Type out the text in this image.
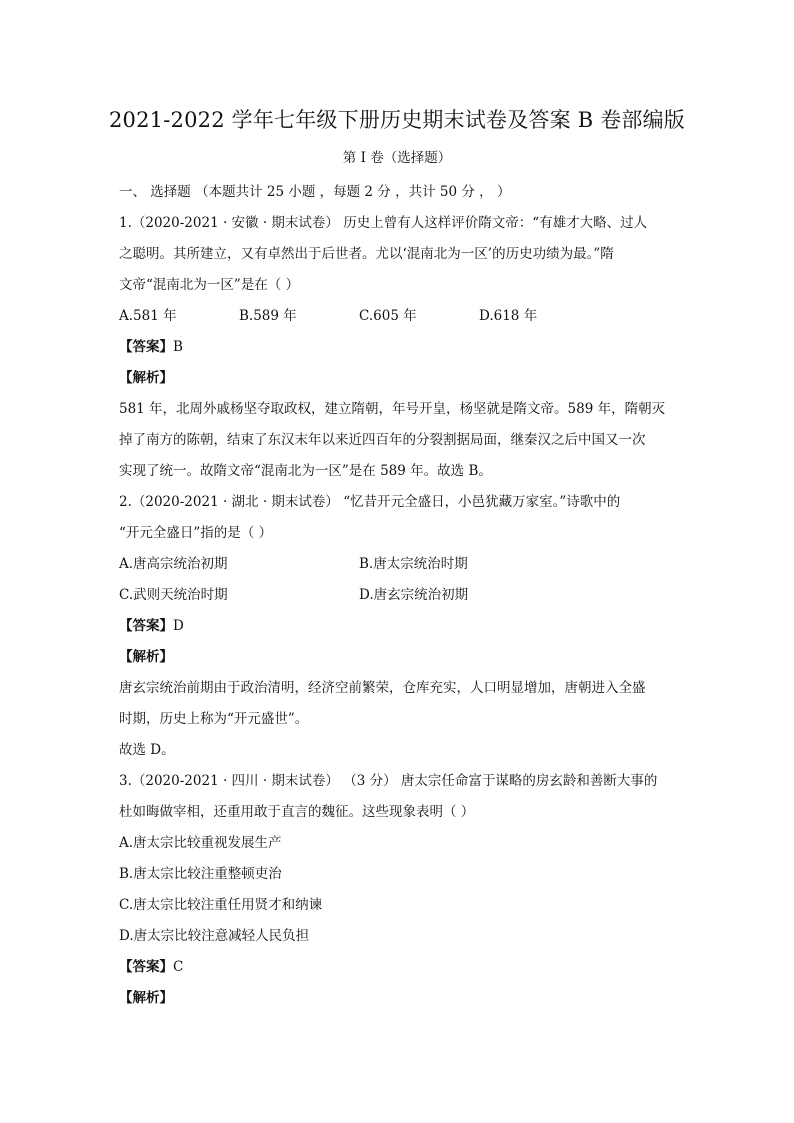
2021-2022 学年七年级下册历史期末试卷及答案 B 卷部编版
第 I 卷（选择题）
一、 选择题 （本题共计 25 小题 ，每题 2 分 ，共计 50 分 ， ）
1.（2020-2021 · 安徽 · 期末试卷） 历史上曾有人这样评价隋文帝：“有雄才大略、过人
之聪明。其所建立，又有卓然出于后世者。尤以‘混南北为一区’的历史功绩为最。”隋
文帝“混南北为一区”是在（ ）
A.581 年	B.589 年	C.605 年	D.618 年
【答案】B
【解析】
581 年，北周外戚杨坚夺取政权，建立隋朝，年号开皇，杨坚就是隋文帝。589 年，隋朝灭
掉了南方的陈朝，结束了东汉末年以来近四百年的分裂割据局面，继秦汉之后中国又一次
实现了统一。故隋文帝“混南北为一区”是在 589 年。故选 B。
2.（2020-2021 · 湖北 · 期末试卷） “忆昔开元全盛日，小邑犹藏万家室。”诗歌中的
“开元全盛日”指的是（ ）
A.唐高宗统治初期	B.唐太宗统治时期
C.武则天统治时期	D.唐玄宗统治初期
【答案】D
【解析】
唐玄宗统治前期由于政治清明，经济空前繁荣，仓库充实，人口明显增加，唐朝进入全盛
时期，历史上称为“开元盛世”。
故选 D。
3.（2020-2021 · 四川 · 期末试卷） （3 分） 唐太宗任命富于谋略的房玄龄和善断大事的
杜如晦做宰相，还重用敢于直言的魏征。这些现象表明（ ）
A.唐太宗比较重视发展生产
B.唐太宗比较注重整顿吏治
C.唐太宗比较注重任用贤才和纳谏
D.唐太宗比较注意减轻人民负担
【答案】C
【解析】
